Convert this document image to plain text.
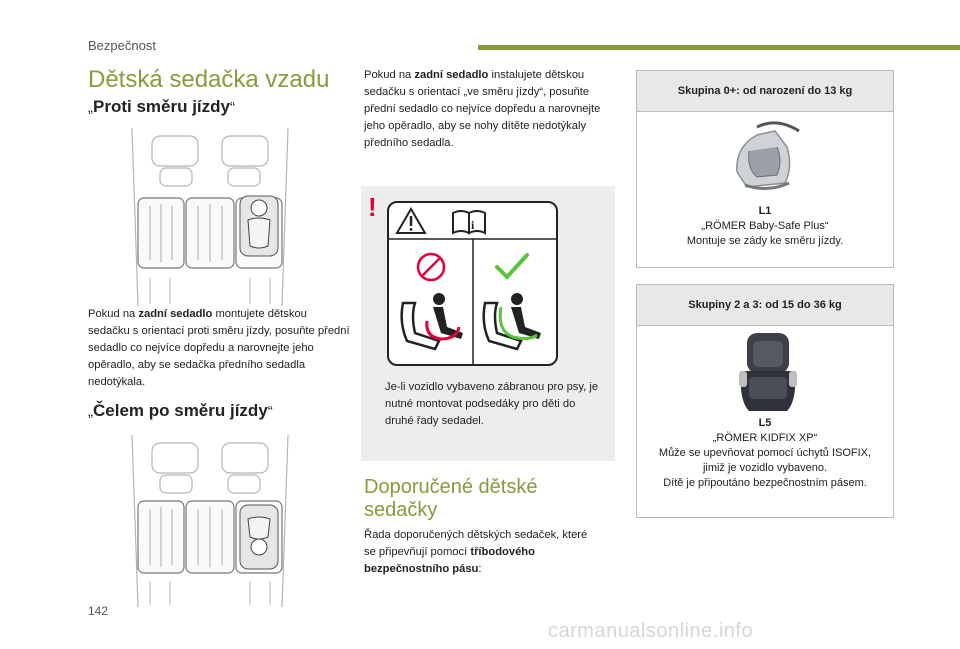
Bezpečnost
Dětská sedačka vzadu
„Proti směru jízdy“
Pokud na zadní sedadlo montujete dětskou sedačku s orientací proti směru jízdy, posuňte přední sedadlo co nejvíce dopředu a narovnejte jeho opěradlo, aby se sedačka předního sedadla nedotýkala.
„Čelem po směru jízdy“
Pokud na zadní sedadlo instalujete dětskou sedačku s orientací „ve směru jízdy“, posuňte přední sedadlo co nejvíce dopředu a narovnejte jeho opěradlo, aby se nohy dítěte nedotýkaly předního sedadla.
!
i
Je-li vozidlo vybaveno zábranou pro psy, je nutné montovat podsedáky pro děti do druhé řady sedadel.
Doporučené dětské sedačky
Řada doporučených dětských sedaček, které se připevňují pomocí tříbodového bezpečnostního pásu:
Skupina 0+: od narození do 13 kg
L1
„RÖMER Baby-Safe Plus“
Montuje se zády ke směru jízdy.
Skupiny 2 a 3: od 15 do 36 kg
L5
„RÖMER KIDFIX XP“
Může se upevňovat pomocí úchytů ISOFIX,
jimiž je vozidlo vybaveno.
Dítě je připoutáno bezpečnostním pásem.
142
carmanualsonline.info
